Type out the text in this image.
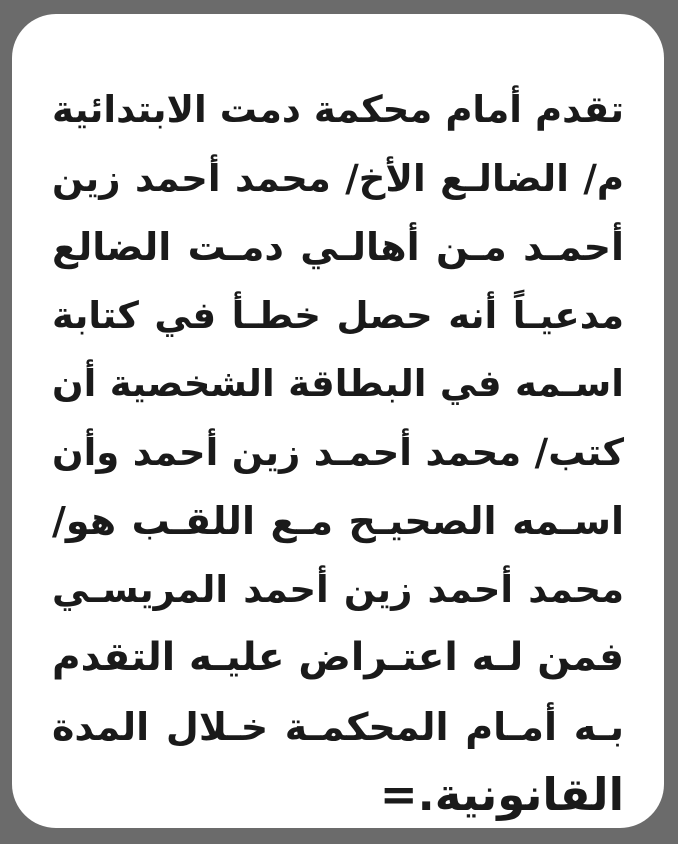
تقدم أمام محكمة دمت الابتدائية
م/ الضالـع الأخ/ محمد أحمد زين
أحمـد مـن أهالـي دمـت الضالع
مدعيـاً أنه حصل خطـأ في كتابة
اسـمه في البطاقة الشخصية أن
كتب/ محمد أحمـد زين أحمد وأن
اسـمه الصحيـح مـع اللقـب هو/
محمد أحمد زين أحمد المريسـي
فمن لـه اعتـراض عليـه التقدم
بـه أمـام المحكمـة خـلال المدة
القانونية.=
